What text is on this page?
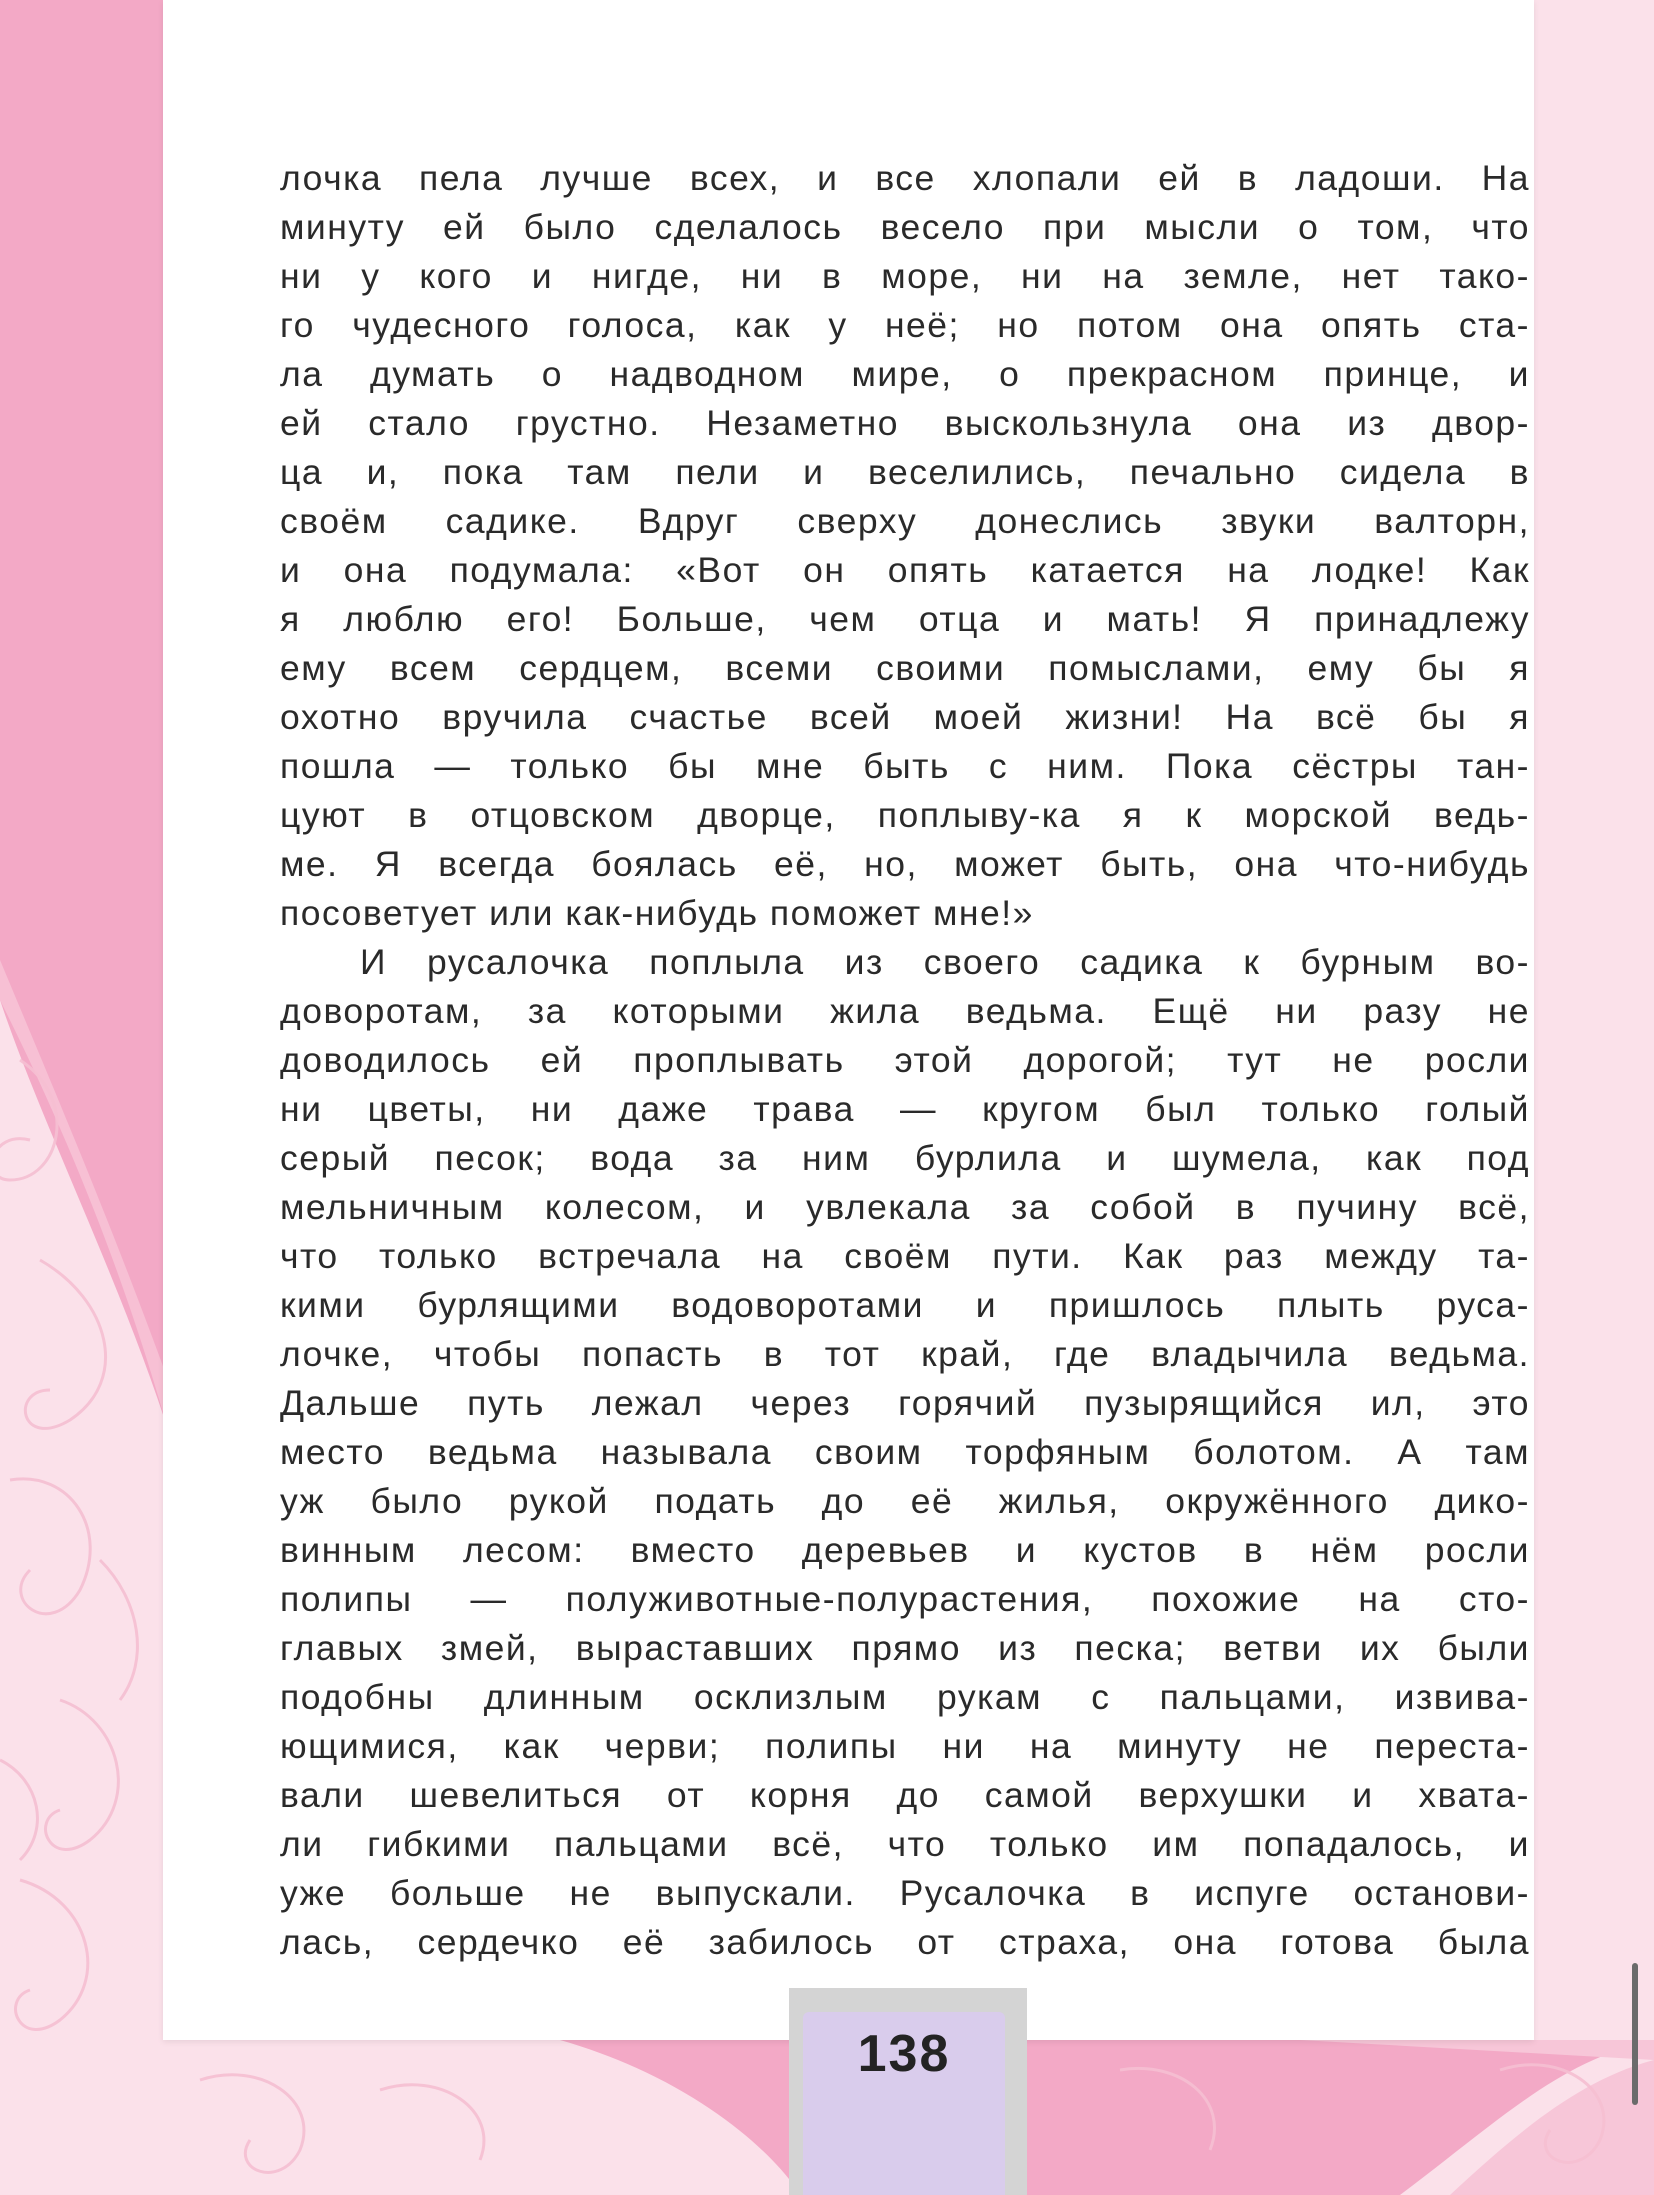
лочка пела лучше всех, и все хлопали ей в ладоши. На
минуту ей было сделалось весело при мысли о том, что
ни у кого и нигде, ни в море, ни на земле, нет тако-
го чудесного голоса, как у неё; но потом она опять ста-
ла думать о надводном мире, о прекрасном принце, и
ей стало грустно. Незаметно выскользнула она из двор-
ца и, пока там пели и веселились, печально сидела в
своём садике. Вдруг сверху донеслись звуки валторн,
и она подумала: «Вот он опять катается на лодке! Как
я люблю его! Больше, чем отца и мать! Я принадлежу
ему всем сердцем, всеми своими помыслами, ему бы я
охотно вручила счастье всей моей жизни! На всё бы я
пошла — только бы мне быть с ним. Пока сёстры тан-
цуют в отцовском дворце, поплыву-ка я к морской ведь-
ме. Я всегда боялась её, но, может быть, она что-нибудь
посоветует или как-нибудь поможет мне!»
И русалочка поплыла из своего садика к бурным во-
доворотам, за которыми жила ведьма. Ещё ни разу не
доводилось ей проплывать этой дорогой; тут не росли
ни цветы, ни даже трава — кругом был только голый
серый песок; вода за ним бурлила и шумела, как под
мельничным колесом, и увлекала за собой в пучину всё,
что только встречала на своём пути. Как раз между та-
кими бурлящими водоворотами и пришлось плыть руса-
лочке, чтобы попасть в тот край, где владычила ведьма.
Дальше путь лежал через горячий пузырящийся ил, это
место ведьма называла своим торфяным болотом. А там
уж было рукой подать до её жилья, окружённого дико-
винным лесом: вместо деревьев и кустов в нём росли
полипы — полуживотные-полурастения, похожие на сто-
главых змей, выраставших прямо из песка; ветви их были
подобны длинным осклизлым рукам с пальцами, извива-
ющимися, как черви; полипы ни на минуту не переста-
вали шевелиться от корня до самой верхушки и хвата-
ли гибкими пальцами всё, что только им попадалось, и
уже больше не выпускали. Русалочка в испуге останови-
лась, сердечко её забилось от страха, она готова была
138
